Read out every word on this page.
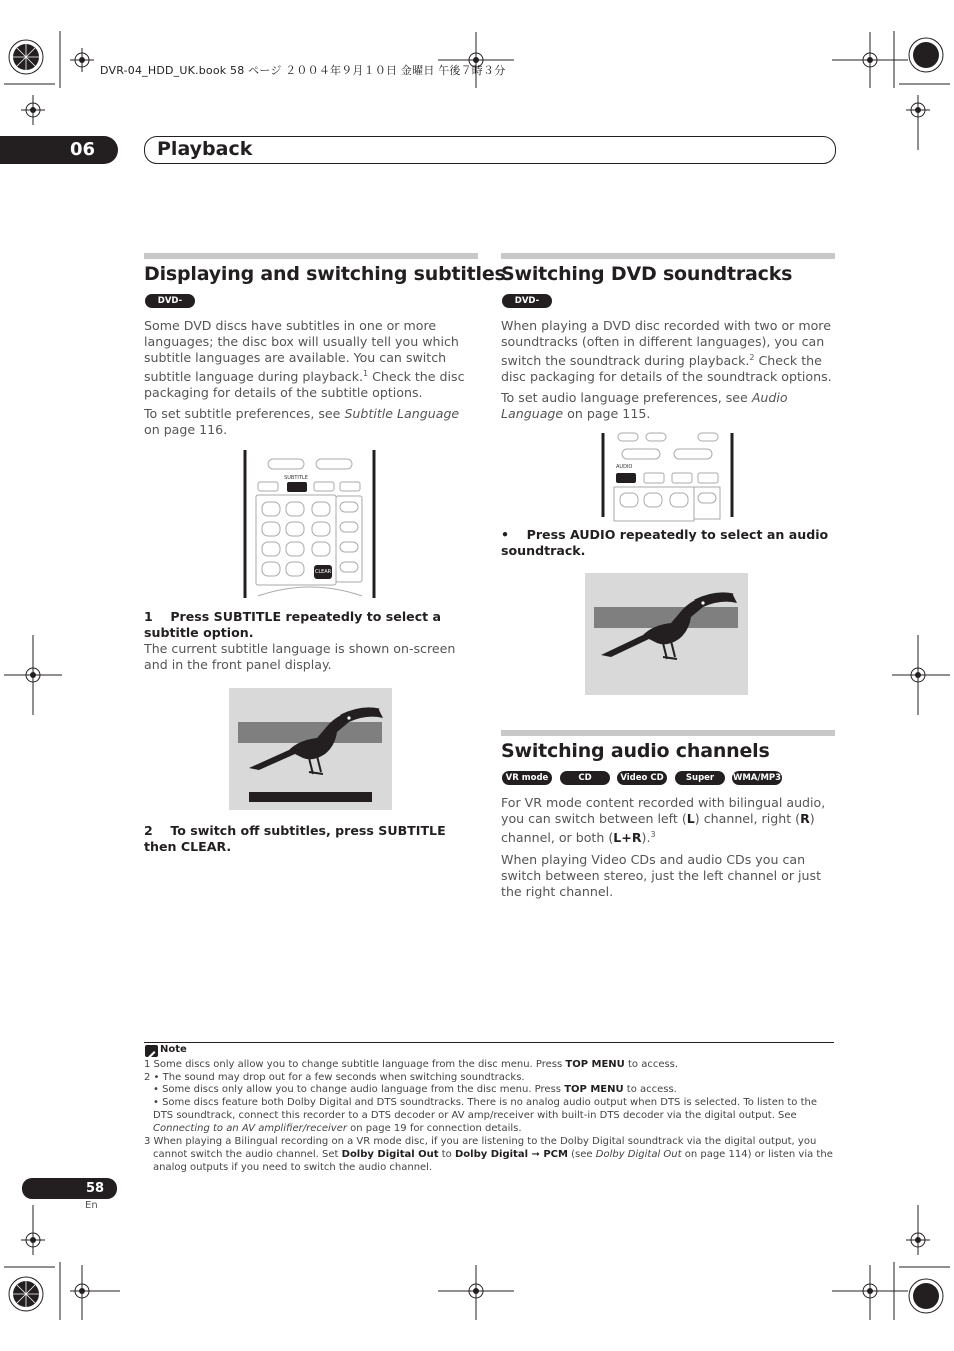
DVR-04_HDD_UK.book 58 ページ ２００４年９月１０日 金曜日 午後７時３分
06	Playback
Displaying and switching subtitles
DVD-Video
Some DVD discs have subtitles in one or more languages; the disc box will usually tell you which subtitle languages are available. You can switch subtitle language during playback.$^1$ Check the disc packaging for details of the subtitle options.
To set subtitle preferences, see Subtitle Language on page 116.
SUBTITLE
CLEAR
1 Press SUBTITLE repeatedly to select a subtitle option.
The current subtitle language is shown on-screen and in the front panel display.
2 To switch off subtitles, press SUBTITLE then CLEAR.
Switching DVD soundtracks
DVD-Video
When playing a DVD disc recorded with two or more soundtracks (often in different languages), you can switch the soundtrack during playback.$^2$ Check the disc packaging for details of the soundtrack options.
To set audio language preferences, see Audio Language on page 115.
AUDIO
• Press AUDIO repeatedly to select an audio soundtrack.
Switching audio channels
VR mode	CD	Video CD	Super VCD
WMA/MP3
For VR mode content recorded with bilingual audio, you can switch between left (L) channel, right (R) channel, or both (L+R).$^3$
When playing Video CDs and audio CDs you can switch between stereo, just the left channel or just the right channel.
Note
1 Some discs only allow you to change subtitle language from the disc menu. Press TOP MENU to access.
2 • The sound may drop out for a few seconds when switching soundtracks.
• Some discs only allow you to change audio language from the disc menu. Press TOP MENU to access.
• Some discs feature both Dolby Digital and DTS soundtracks. There is no analog audio output when DTS is selected. To listen to the DTS soundtrack, connect this recorder to a DTS decoder or AV amp/receiver with built-in DTS decoder via the digital output. See Connecting to an AV amplifier/receiver on page 19 for connection details.
3 When playing a Bilingual recording on a VR mode disc, if you are listening to the Dolby Digital soundtrack via the digital output, you cannot switch the audio channel. Set Dolby Digital Out to Dolby Digital ➞ PCM (see Dolby Digital Out on page 114) or listen via the analog outputs if you need to switch the audio channel.
58
En
